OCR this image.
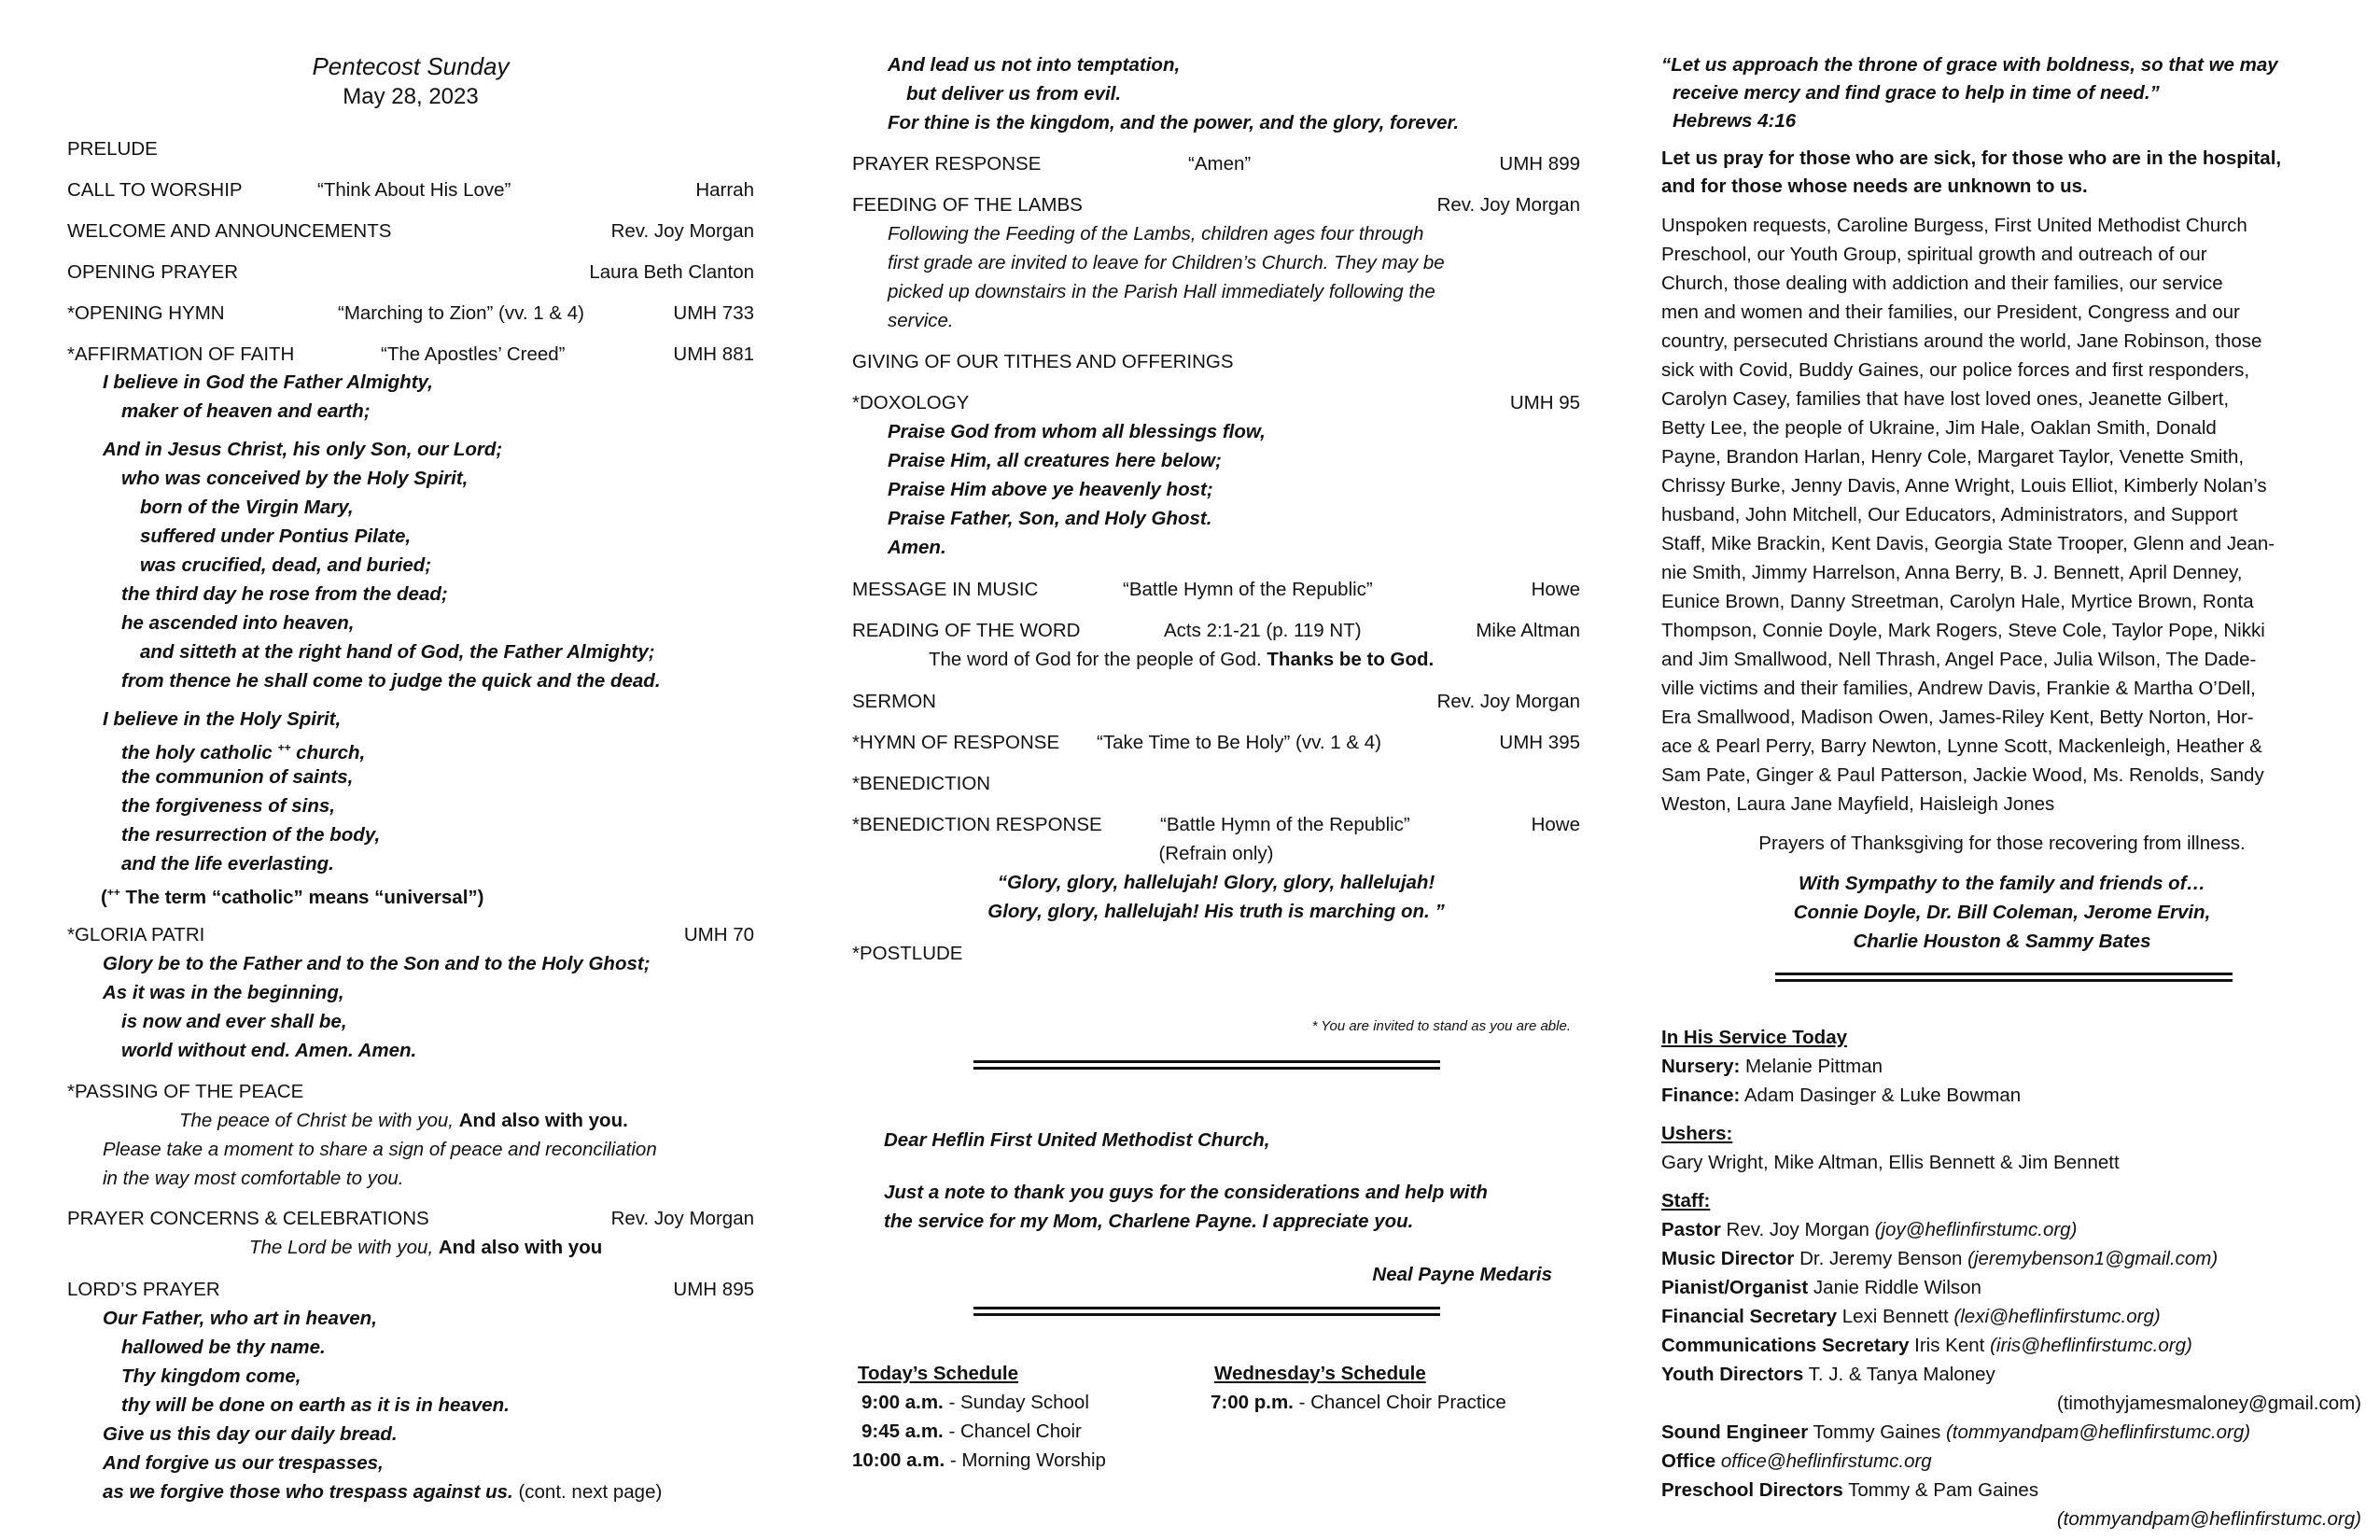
Pentecost Sunday
May 28, 2023
PRELUDE
CALL TO WORSHIP	“Think About His Love”	Harrah
WELCOME AND ANNOUNCEMENTS	Rev. Joy Morgan
OPENING PRAYER	Laura Beth Clanton
*OPENING HYMN	“Marching to Zion” (vv. 1 & 4)	UMH 733
*AFFIRMATION OF FAITH	“The Apostles’ Creed”	UMH 881
I believe in God the Father Almighty,
maker of heaven and earth;
And in Jesus Christ, his only Son, our Lord;
who was conceived by the Holy Spirit,
born of the Virgin Mary,
suffered under Pontius Pilate,
was crucified, dead, and buried;
the third day he rose from the dead;
he ascended into heaven,
and sitteth at the right hand of God, the Father Almighty;
from thence he shall come to judge the quick and the dead.
I believe in the Holy Spirit,
the holy catholic ++ church,
the communion of saints,
the forgiveness of sins,
the resurrection of the body,
and the life everlasting.
(++ The term “catholic” means “universal”)
*GLORIA PATRI	UMH 70
Glory be to the Father and to the Son and to the Holy Ghost;
As it was in the beginning,
is now and ever shall be,
world without end. Amen. Amen.
*PASSING OF THE PEACE
The peace of Christ be with you, And also with you.
Please take a moment to share a sign of peace and reconciliation
in the way most comfortable to you.
PRAYER CONCERNS & CELEBRATIONS	Rev. Joy Morgan
The Lord be with you, And also with you
LORD’S PRAYER	UMH 895
Our Father, who art in heaven,
hallowed be thy name.
Thy kingdom come,
thy will be done on earth as it is in heaven.
Give us this day our daily bread.
And forgive us our trespasses,
as we forgive those who trespass against us. (cont. next page)
And lead us not into temptation,
but deliver us from evil.
For thine is the kingdom, and the power, and the glory, forever.
PRAYER RESPONSE	“Amen”	UMH 899
FEEDING OF THE LAMBS	Rev. Joy Morgan
Following the Feeding of the Lambs, children ages four through
first grade are invited to leave for Children’s Church. They may be
picked up downstairs in the Parish Hall immediately following the
service.
GIVING OF OUR TITHES AND OFFERINGS
*DOXOLOGY	UMH 95
Praise God from whom all blessings flow,
Praise Him, all creatures here below;
Praise Him above ye heavenly host;
Praise Father, Son, and Holy Ghost.
Amen.
MESSAGE IN MUSIC	“Battle Hymn of the Republic”	Howe
READING OF THE WORD	Acts 2:1-21 (p. 119 NT)	Mike Altman
The word of God for the people of God. Thanks be to God.
SERMON	Rev. Joy Morgan
*HYMN OF RESPONSE “Take Time to Be Holy” (vv. 1 & 4)	UMH 395
*BENEDICTION
*BENEDICTION RESPONSE	“Battle Hymn of the Republic”	Howe
(Refrain only)
“Glory, glory, hallelujah! Glory, glory, hallelujah!
Glory, glory, hallelujah! His truth is marching on. ”
*POSTLUDE
* You are invited to stand as you are able.
Dear Heflin First United Methodist Church,
Just a note to thank you guys for the considerations and help with
the service for my Mom, Charlene Payne. I appreciate you.
Neal Payne Medaris
Today’s Schedule
9:00 a.m. - Sunday School
9:45 a.m. - Chancel Choir
10:00 a.m. - Morning Worship
Wednesday’s Schedule
7:00 p.m. - Chancel Choir Practice
“Let us approach the throne of grace with boldness, so that we may
receive mercy and find grace to help in time of need.”
Hebrews 4:16
Let us pray for those who are sick, for those who are in the hospital,
and for those whose needs are unknown to us.
Unspoken requests, Caroline Burgess, First United Methodist Church
Preschool, our Youth Group, spiritual growth and outreach of our
Church, those dealing with addiction and their families, our service
men and women and their families, our President, Congress and our
country, persecuted Christians around the world, Jane Robinson, those
sick with Covid, Buddy Gaines, our police forces and first responders,
Carolyn Casey, families that have lost loved ones, Jeanette Gilbert,
Betty Lee, the people of Ukraine, Jim Hale, Oaklan Smith, Donald
Payne, Brandon Harlan, Henry Cole, Margaret Taylor, Venette Smith,
Chrissy Burke, Jenny Davis, Anne Wright, Louis Elliot, Kimberly Nolan’s
husband, John Mitchell, Our Educators, Administrators, and Support
Staff, Mike Brackin, Kent Davis, Georgia State Trooper, Glenn and Jean-
nie Smith, Jimmy Harrelson, Anna Berry, B. J. Bennett, April Denney,
Eunice Brown, Danny Streetman, Carolyn Hale, Myrtice Brown, Ronta
Thompson, Connie Doyle, Mark Rogers, Steve Cole, Taylor Pope, Nikki
and Jim Smallwood, Nell Thrash, Angel Pace, Julia Wilson, The Dade-
ville victims and their families, Andrew Davis, Frankie & Martha O’Dell,
Era Smallwood, Madison Owen, James-Riley Kent, Betty Norton, Hor-
ace & Pearl Perry, Barry Newton, Lynne Scott, Mackenleigh, Heather &
Sam Pate, Ginger & Paul Patterson, Jackie Wood, Ms. Renolds, Sandy
Weston, Laura Jane Mayfield, Haisleigh Jones
Prayers of Thanksgiving for those recovering from illness.
With Sympathy to the family and friends of…
Connie Doyle, Dr. Bill Coleman, Jerome Ervin,
Charlie Houston & Sammy Bates
In His Service Today
Nursery: Melanie Pittman
Finance: Adam Dasinger & Luke Bowman
Ushers:
Gary Wright, Mike Altman, Ellis Bennett & Jim Bennett
Staff:
Pastor Rev. Joy Morgan (joy@heflinfirstumc.org)
Music Director Dr. Jeremy Benson (jeremybenson1@gmail.com)
Pianist/Organist Janie Riddle Wilson
Financial Secretary Lexi Bennett (lexi@heflinfirstumc.org)
Communications Secretary Iris Kent (iris@heflinfirstumc.org)
Youth Directors T. J. & Tanya Maloney
(timothyjamesmaloney@gmail.com)
Sound Engineer Tommy Gaines (tommyandpam@heflinfirstumc.org)
Office office@heflinfirstumc.org
Preschool Directors Tommy & Pam Gaines
(tommyandpam@heflinfirstumc.org)
